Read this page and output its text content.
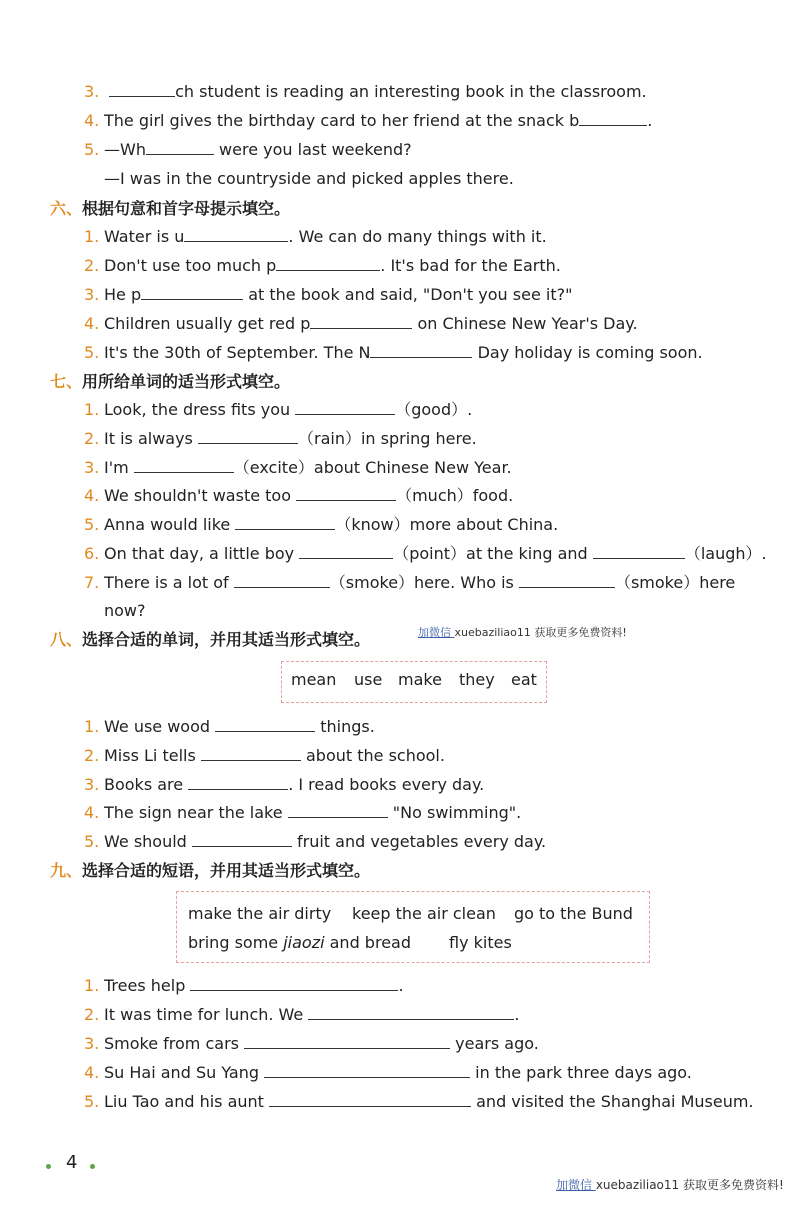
3.	ch student is reading an interesting book in the classroom.
4. The girl gives the birthday card to her friend at the snack b	.
5. —Wh	were you last weekend?
—I was in the countryside and picked apples there.
六、根据句意和首字母提示填空。
1. Water is u	. We can do many things with it.
2. Don't use too much p	. It's bad for the Earth.
3. He p	at the book and said, "Don't you see it?"
4. Children usually get red p	on Chinese New Year's Day.
5. It's the 30th of September. The N	Day holiday is coming soon.
七、用所给单词的适当形式填空。
1. Look, the dress fits you	（good）.
2. It is always	（rain）in spring here.
3. I'm	（excite）about Chinese New Year.
4. We shouldn't waste too	（much）food.
5. Anna would like	（know）more about China.
6. On that day, a little boy	（point）at the king and	（laugh）.
7. There is a lot of	（smoke）here. Who is	（smoke）here
now?
八、选择合适的单词，并用其适当形式填空。	加微信 xuebaziliao11 获取更多免费资料!
mean use make they eat
1. We use wood	things.
2. Miss Li tells	about the school.
3. Books are	. I read books every day.
4. The sign near the lake	"No swimming".
5. We should	fruit and vegetables every day.
九、选择合适的短语，并用其适当形式填空。
make the air dirty keep the air clean go to the Bund
bring some jiaozi and bread fly kites
1. Trees help	.
2. It was time for lunch. We	.
3. Smoke from cars	years ago.
4. Su Hai and Su Yang	in the park three days ago.
5. Liu Tao and his aunt	and visited the Shanghai Museum.
4
加微信 xuebaziliao11 获取更多免费资料!
